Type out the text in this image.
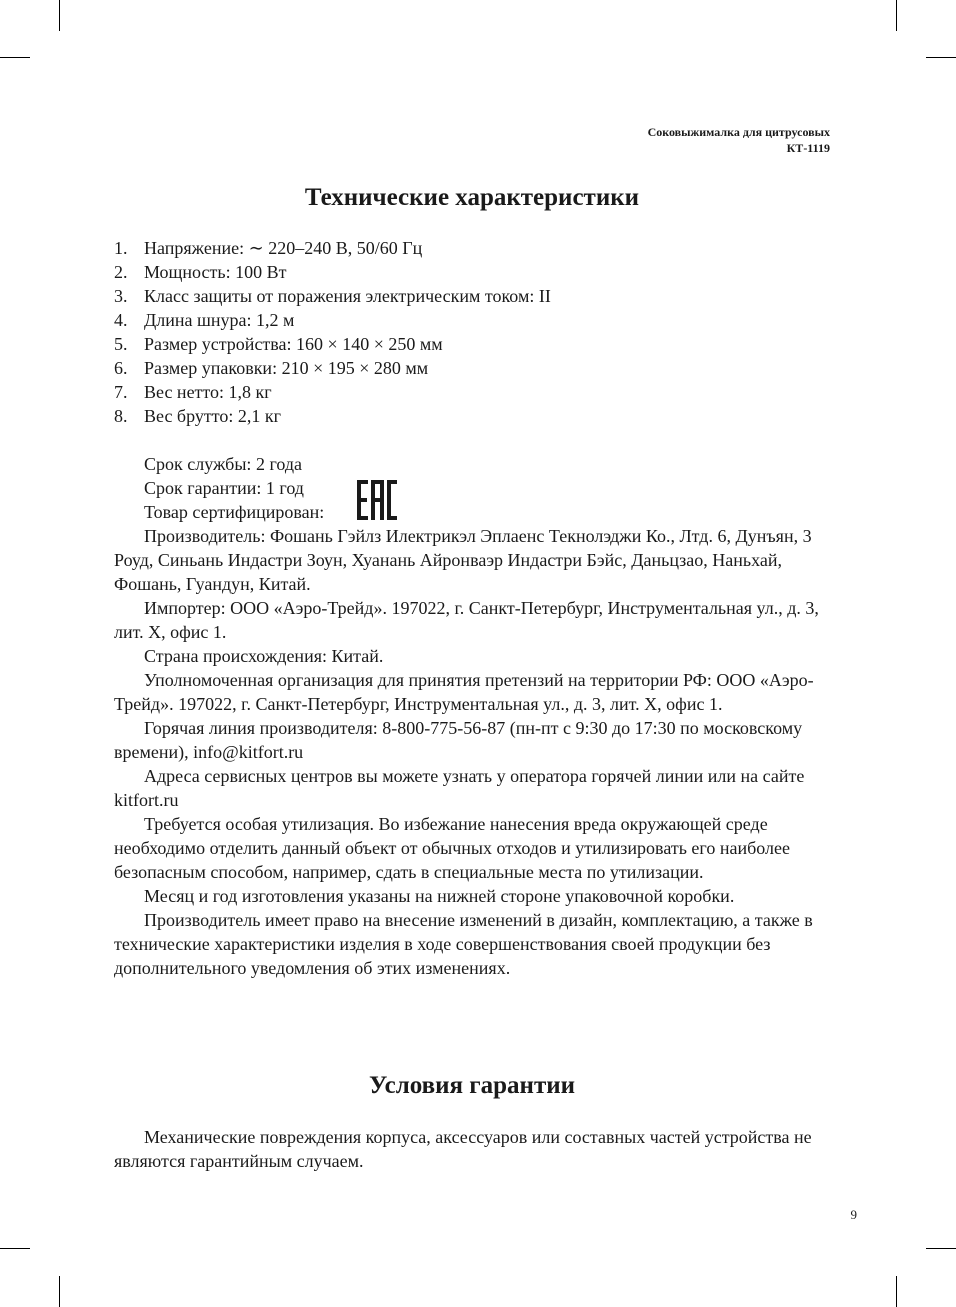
Соковыжималка для цитрусовых
КТ-1119
Технические характеристики
1. Напряжение: ∼ 220–240 В, 50/60 Гц
2. Мощность: 100 Вт
3. Класс защиты от поражения электрическим током: II
4. Длина шнура: 1,2 м
5. Размер устройства: 160 × 140 × 250 мм
6. Размер упаковки: 210 × 195 × 280 мм
7. Вес нетто: 1,8 кг
8. Вес брутто: 2,1 кг

Срок службы: 2 года

Срок гарантии: 1 год

Товар сертифицирован:

Производитель: Фошань Гэйлз Илектрикэл Эплаенс Текнолэджи Ко., Лтд. 6, Дунъян, 3 Роуд, Синьань Индастри Зоун, Хуанань Айронваэр Индастри Бэйс, Даньцзао, Наньхай, Фошань, Гуандун, Китай.

Импортер: ООО «Аэро-Трейд». 197022, г. Санкт-Петербург, Инструментальная ул., д. 3, лит. Х, офис 1.

Страна происхождения: Китай.

Уполномоченная организация для принятия претензий на территории РФ: ООО «Аэро-Трейд». 197022, г. Санкт-Петербург, Инструментальная ул., д. 3, лит. Х, офис 1.

Горячая линия производителя: 8-800-775-56-87 (пн-пт с 9:30 до 17:30 по московскому времени), info@kitfort.ru

Адреса сервисных центров вы можете узнать у оператора горячей линии или на сайте kitfort.ru

Требуется особая утилизация. Во избежание нанесения вреда окружающей среде необходимо отделить данный объект от обычных отходов и утилизировать его наиболее безопасным способом, например, сдать в специальные места по утилизации.

Месяц и год изготовления указаны на нижней стороне упаковочной коробки.

Производитель имеет право на внесение изменений в дизайн, комплектацию, а также в технические характеристики изделия в ходе совершенствования своей продукции без дополнительного уведомления об этих изменениях.

Условия гарантии

Механические повреждения корпуса, аксессуаров или составных частей устройства не являются гарантийным случаем.

9
